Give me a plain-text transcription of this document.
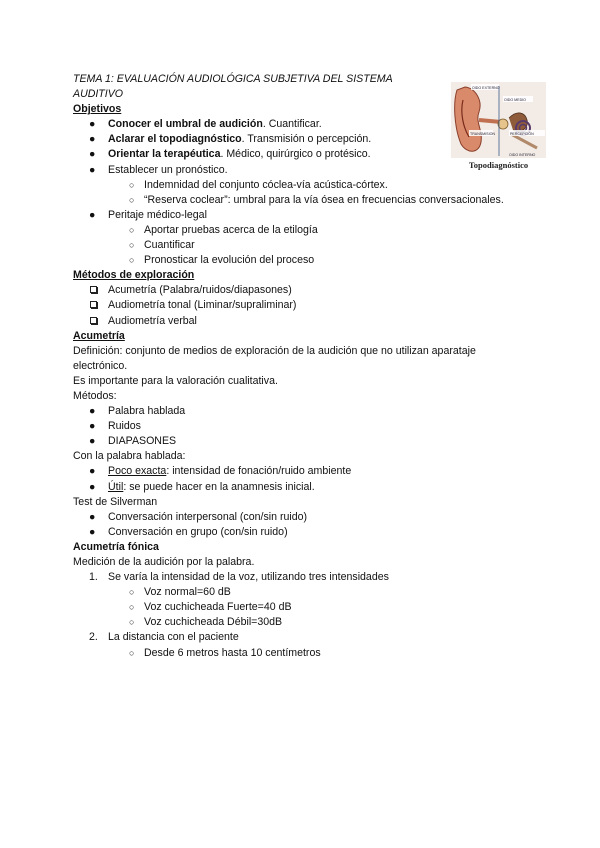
OIDO EXTERNO
OIDO MEDIO
OIDO INTERNO
TRANSMISION	PERCEPCIÓN
Topodiagnóstico
TEMA 1: EVALUACIÓN AUDIOLÓGICA SUBJETIVA DEL SISTEMA AUDITIVO
Objetivos
● Conocer el umbral de audición. Cuantificar.
● Aclarar el topodiagnóstico. Transmisión o percepción.
● Orientar la terapéutica. Médico, quirúrgico o protésico.
● Establecer un pronóstico.
○ Indemnidad del conjunto cóclea-vía acústica-córtex.
○ “Reserva coclear”: umbral para la vía ósea en frecuencias conversacionales.
● Peritaje médico-legal
○ Aportar pruebas acerca de la etilogía
○ Cuantificar
○ Pronosticar la evolución del proceso
Métodos de exploración
Acumetría (Palabra/ruidos/diapasones)
Audiometría tonal (Liminar/supraliminar)
Audiometría verbal
Acumetría
Definición: conjunto de medios de exploración de la audición que no utilizan aparataje electrónico.
Es importante para la valoración cualitativa.
Métodos:
● Palabra hablada
● Ruidos
● DIAPASONES
Con la palabra hablada:
● Poco exacta: intensidad de fonación/ruido ambiente
● Útil: se puede hacer en la anamnesis inicial.
Test de Silverman
● Conversación interpersonal (con/sin ruido)
● Conversación en grupo (con/sin ruido)
Acumetría fónica
Medición de la audición por la palabra.
1. Se varía la intensidad de la voz, utilizando tres intensidades
○ Voz normal=60 dB
○ Voz cuchicheada Fuerte=40 dB
○ Voz cuchicheada Débil=30dB
2. La distancia con el paciente
○ Desde 6 metros hasta 10 centímetros
